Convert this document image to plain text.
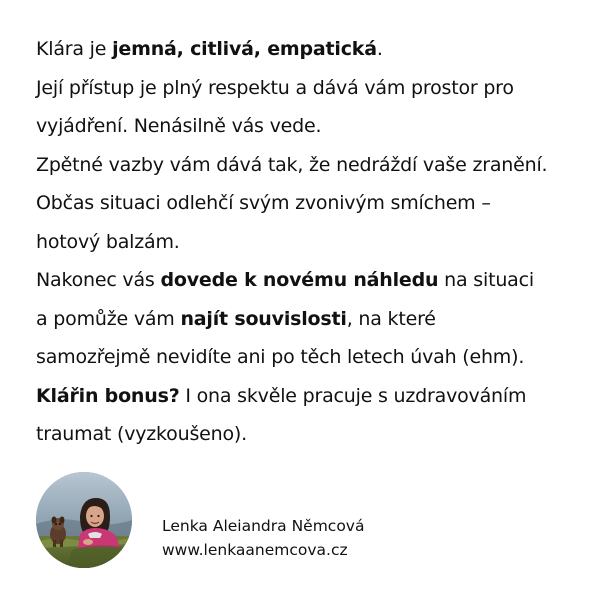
Klára je jemná, citlivá, empatická.
Její přístup je plný respektu a dává vám prostor pro
vyjádření. Nenásilně vás vede.
Zpětné vazby vám dává tak, že nedráždí vaše zranění.
Občas situaci odlehčí svým zvonivým smíchem –
hotový balzám.
Nakonec vás dovede k novému náhledu na situaci
a pomůže vám najít souvislosti, na které
samozřejmě nevidíte ani po těch letech úvah (ehm).
Klářin bonus? I ona skvěle pracuje s uzdravováním
traumat (vyzkoušeno).
Lenka Aleiandra Němcová
www.lenkaanemcova.cz
